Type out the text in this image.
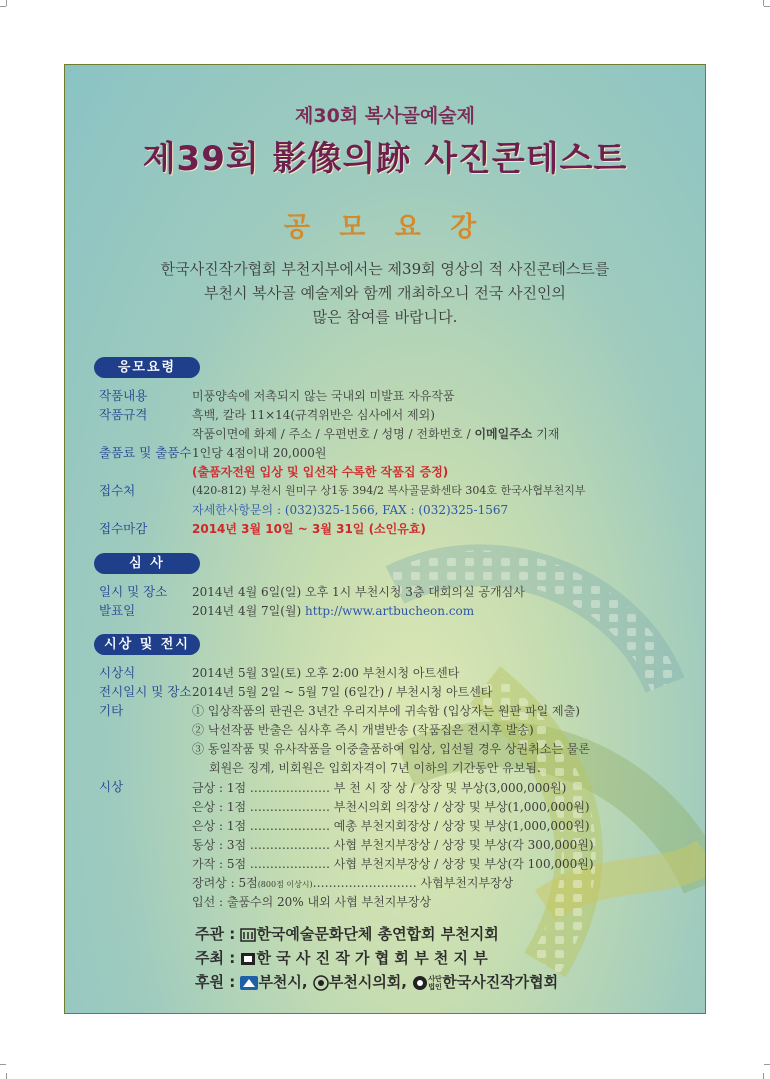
제30회 복사골예술제
제39회 影像의跡 사진콘테스트
공 모 요 강
한국사진작가협회 부천지부에서는 제39회 영상의 적 사진콘테스트를
부천시 복사골 예술제와 함께 개최하오니 전국 사진인의
많은 참여를 바랍니다.
응모요령
작품내용	미풍양속에 저촉되지 않는 국내외 미발표 자유작품
작품규격	흑백, 칼라 11×14(규격위반은 심사에서 제외)
작품이면에 화제 / 주소 / 우편번호 / 성명 / 전화번호 / 이메일주소 기재
출품료 및 출품수 1인당 4점이내 20,000원
(출품자전원 입상 및 입선작 수록한 작품집 증정)
접수처	(420-812) 부천시 원미구 상1동 394/2 복사골문화센타 304호 한국사협부천지부
자세한사항문의 : (032)325-1566, FAX : (032)325-1567
접수마감	2014년 3월 10일 ~ 3월 31일 (소인유효)
심 사
일시 및 장소	2014년 4월 6일(일) 오후 1시 부천시청 3층 대회의실 공개심사
발표일	2014년 4월 7일(월) http://www.artbucheon.com
시상 및 전시
시상식	2014년 5월 3일(토) 오후 2:00 부천시청 아트센타
전시일시 및 장소 2014년 5월 2일 ~ 5월 7일 (6일간) / 부천시청 아트센타
기타	① 입상작품의 판권은 3년간 우리지부에 귀속함 (입상자는 원판 파일 제출)
② 낙선작품 반출은 심사후 즉시 개별반송 (작품집은 전시후 발송)
③ 동일작품 및 유사작품을 이중출품하여 입상, 입선될 경우 상권취소는 물론
회원은 징계, 비회원은 입회자격이 7년 이하의 기간동안 유보됨.
시상	금상 : 1점 ‥‥‥‥‥‥‥‥‥‥ 부 천 시 장 상 / 상장 및 부상(3,000,000원)
은상 : 1점 ‥‥‥‥‥‥‥‥‥‥ 부천시의회 의장상 / 상장 및 부상(1,000,000원)
은상 : 1점 ‥‥‥‥‥‥‥‥‥‥ 예총 부천지회장상 / 상장 및 부상(1,000,000원)
동상 : 3점 ‥‥‥‥‥‥‥‥‥‥ 사협 부천지부장상 / 상장 및 부상(각 300,000원)
가작 : 5점 ‥‥‥‥‥‥‥‥‥‥ 사협 부천지부장상 / 상장 및 부상(각 100,000원)
장려상 : 5점(800점 이상시)‥‥‥‥‥‥‥‥‥‥‥‥‥ 사협부천지부장상
입선 : 출품수의 20% 내외 사협 부천지부장상
주관 : 한국예술문화단체 총연합회 부천지회
주최 : 한 국 사 진 작 가 협 회 부 천 지 부
후원 : 부천시, 부천시의회, 사단
법인한국사진작가협회
